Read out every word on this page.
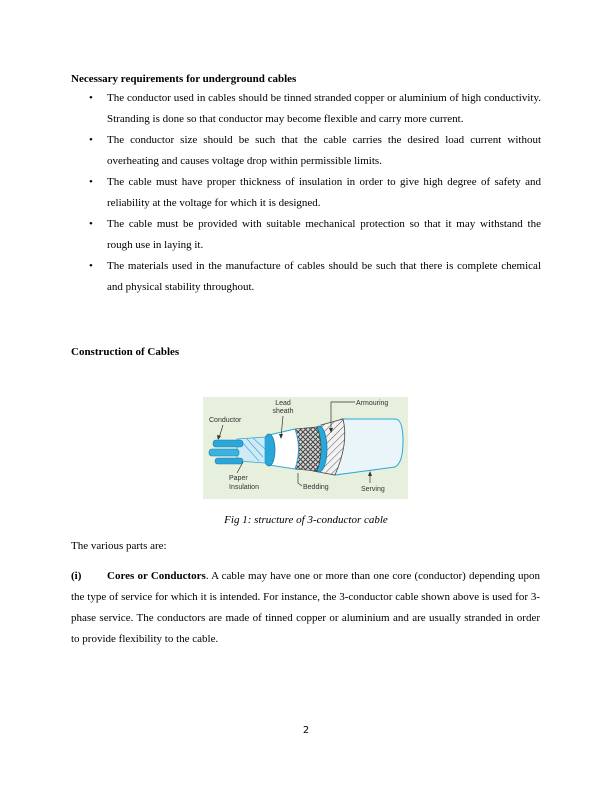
Necessary requirements for underground cables
• The conductor used in cables should be tinned stranded copper or aluminium of high conductivity. Stranding is done so that conductor may become flexible and carry more current.
• The conductor size should be such that the cable carries the desired load current without overheating and causes voltage drop within permissible limits.
• The cable must have proper thickness of insulation in order to give high degree of safety and reliability at the voltage for which it is designed.
• The cable must be provided with suitable mechanical protection so that it may withstand the rough use in laying it.
• The materials used in the manufacture of cables should be such that there is complete chemical and physical stability throughout.
Construction of Cables
Lead
sheath
Armouring
Conductor
Paper
Insulation	Bedding	Serving
Fig 1: structure of 3-conductor cable
The various parts are:

(i) Cores or Conductors. A cable may have one or more than one core (conductor) depending upon the type of service for which it is intended. For instance, the 3-conductor cable shown above is used for 3-phase service. The conductors are made of tinned copper or aluminium and are usually stranded in order to provide flexibility to the cable.

2
